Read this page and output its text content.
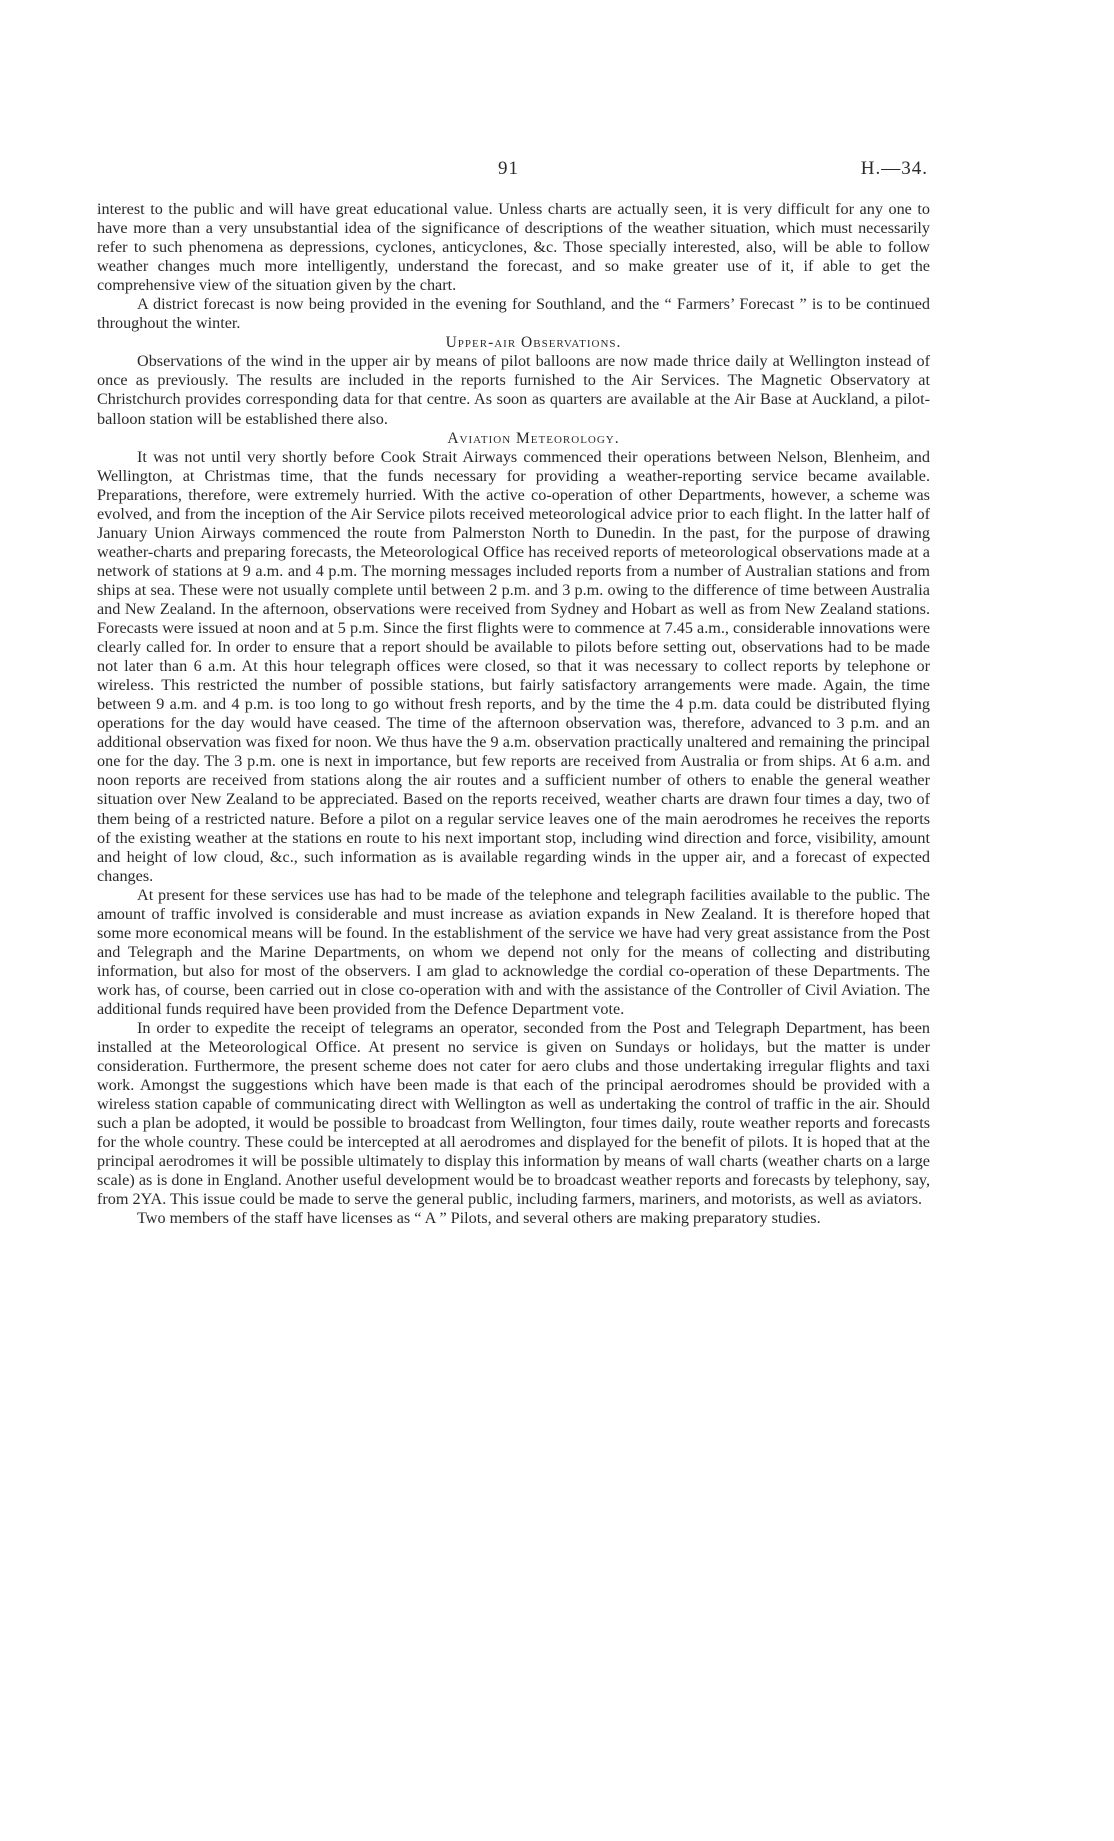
91	H.—34.

interest to the public and will have great educational value. Unless charts are actually seen, it is very difficult for any one to have more than a very unsubstantial idea of the significance of descriptions of the weather situation, which must necessarily refer to such phenomena as depressions, cyclones, anticyclones, &c. Those specially interested, also, will be able to follow weather changes much more intelligently, understand the forecast, and so make greater use of it, if able to get the comprehensive view of the situation given by the chart.

A district forecast is now being provided in the evening for Southland, and the “ Farmers’ Forecast ” is to be continued throughout the winter.

Upper-air Observations.

Observations of the wind in the upper air by means of pilot balloons are now made thrice daily at Wellington instead of once as previously. The results are included in the reports furnished to the Air Services. The Magnetic Observatory at Christchurch provides corresponding data for that centre. As soon as quarters are available at the Air Base at Auckland, a pilot-balloon station will be established there also.

Aviation Meteorology.

It was not until very shortly before Cook Strait Airways commenced their operations between Nelson, Blenheim, and Wellington, at Christmas time, that the funds necessary for providing a weather-reporting service became available. Preparations, therefore, were extremely hurried. With the active co-operation of other Departments, however, a scheme was evolved, and from the inception of the Air Service pilots received meteorological advice prior to each flight. In the latter half of January Union Airways commenced the route from Palmerston North to Dunedin. In the past, for the purpose of drawing weather-charts and preparing forecasts, the Meteorological Office has received reports of meteorological observations made at a network of stations at 9 a.m. and 4 p.m. The morning messages included reports from a number of Australian stations and from ships at sea. These were not usually complete until between 2 p.m. and 3 p.m. owing to the difference of time between Australia and New Zealand. In the afternoon, observations were received from Sydney and Hobart as well as from New Zealand stations. Forecasts were issued at noon and at 5 p.m. Since the first flights were to commence at 7.45 a.m., considerable innovations were clearly called for. In order to ensure that a report should be available to pilots before setting out, observations had to be made not later than 6 a.m. At this hour telegraph offices were closed, so that it was necessary to collect reports by telephone or wireless. This restricted the number of possible stations, but fairly satisfactory arrangements were made. Again, the time between 9 a.m. and 4 p.m. is too long to go without fresh reports, and by the time the 4 p.m. data could be distributed flying operations for the day would have ceased. The time of the afternoon observation was, therefore, advanced to 3 p.m. and an additional observation was fixed for noon. We thus have the 9 a.m. observation practically unaltered and remaining the principal one for the day. The 3 p.m. one is next in importance, but few reports are received from Australia or from ships. At 6 a.m. and noon reports are received from stations along the air routes and a sufficient number of others to enable the general weather situation over New Zealand to be appreciated. Based on the reports received, weather charts are drawn four times a day, two of them being of a restricted nature. Before a pilot on a regular service leaves one of the main aerodromes he receives the reports of the existing weather at the stations en route to his next important stop, including wind direction and force, visibility, amount and height of low cloud, &c., such information as is available regarding winds in the upper air, and a forecast of expected changes.

At present for these services use has had to be made of the telephone and telegraph facilities available to the public. The amount of traffic involved is considerable and must increase as aviation expands in New Zealand. It is therefore hoped that some more economical means will be found. In the establishment of the service we have had very great assistance from the Post and Telegraph and the Marine Departments, on whom we depend not only for the means of collecting and distributing information, but also for most of the observers. I am glad to acknowledge the cordial co-operation of these Departments. The work has, of course, been carried out in close co-operation with and with the assistance of the Controller of Civil Aviation. The additional funds required have been provided from the Defence Department vote.

In order to expedite the receipt of telegrams an operator, seconded from the Post and Telegraph Department, has been installed at the Meteorological Office. At present no service is given on Sundays or holidays, but the matter is under consideration. Furthermore, the present scheme does not cater for aero clubs and those undertaking irregular flights and taxi work. Amongst the suggestions which have been made is that each of the principal aerodromes should be provided with a wireless station capable of communicating direct with Wellington as well as undertaking the control of traffic in the air. Should such a plan be adopted, it would be possible to broadcast from Wellington, four times daily, route weather reports and forecasts for the whole country. These could be intercepted at all aerodromes and displayed for the benefit of pilots. It is hoped that at the principal aerodromes it will be possible ultimately to display this information by means of wall charts (weather charts on a large scale) as is done in England. Another useful development would be to broadcast weather reports and forecasts by telephony, say, from 2YA. This issue could be made to serve the general public, including farmers, mariners, and motorists, as well as aviators.

Two members of the staff have licenses as “ A ” Pilots, and several others are making preparatory studies.
